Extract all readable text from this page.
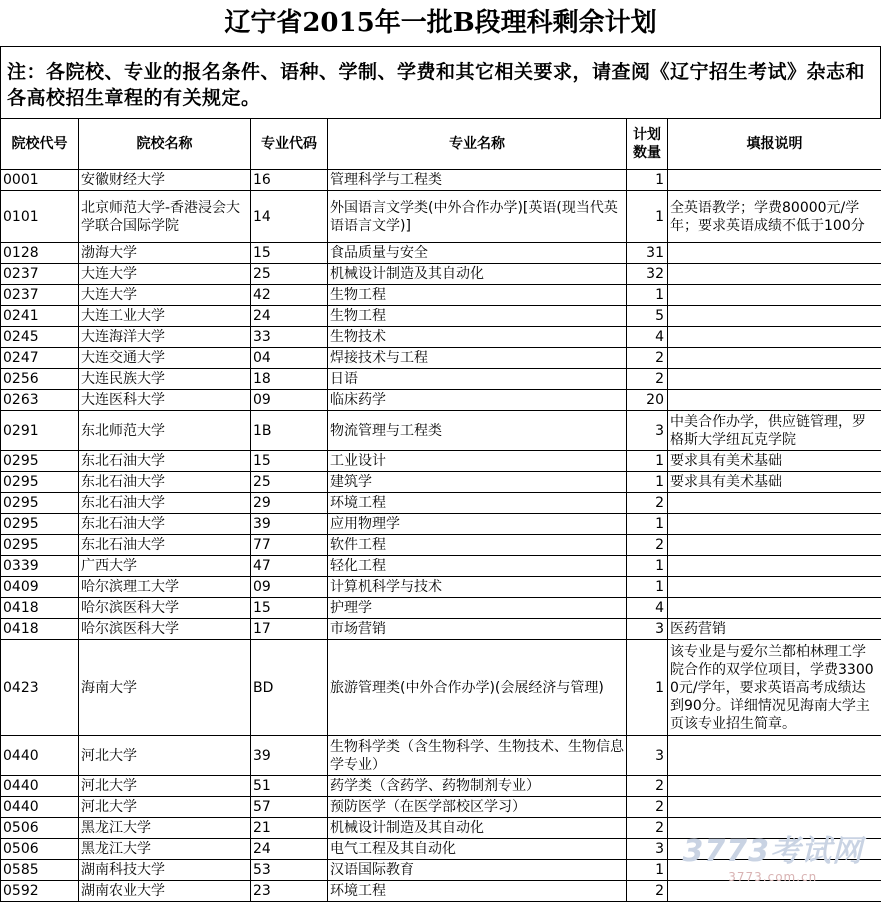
辽宁省2015年一批B段理科剩余计划
注：各院校、专业的报名条件、语种、学制、学费和其它相关要求，请查阅《辽宁招生考试》杂志和各高校招生章程的有关规定。
院校代号	院校名称	专业代码	专业名称	计划数量	填报说明
0001	安徽财经大学	16	管理科学与工程类	1	
0101	北京师范大学-香港浸会大学联合国际学院	14	外国语言文学类(中外合作办学)[英语(现当代英语语言文学)]	1	全英语教学；学费80000元/学年；要求英语成绩不低于100分
0128	渤海大学	15	食品质量与安全	31	
0237	大连大学	25	机械设计制造及其自动化	32	
0237	大连大学	42	生物工程	1	
0241	大连工业大学	24	生物工程	5	
0245	大连海洋大学	33	生物技术	4	
0247	大连交通大学	04	焊接技术与工程	2	
0256	大连民族大学	18	日语	2	
0263	大连医科大学	09	临床药学	20	
0291	东北师范大学	1B	物流管理与工程类	3	中美合作办学，供应链管理，罗格斯大学纽瓦克学院
0295	东北石油大学	15	工业设计	1	要求具有美术基础
0295	东北石油大学	25	建筑学	1	要求具有美术基础
0295	东北石油大学	29	环境工程	2	
0295	东北石油大学	39	应用物理学	1	
0295	东北石油大学	77	软件工程	2	
0339	广西大学	47	轻化工程	1	
0409	哈尔滨理工大学	09	计算机科学与技术	1	
0418	哈尔滨医科大学	15	护理学	4	
0418	哈尔滨医科大学	17	市场营销	3	医药营销
0423	海南大学	BD	旅游管理类(中外合作办学)(会展经济与管理)	1	该专业是与爱尔兰都柏林理工学院合作的双学位项目，学费33000元/学年，要求英语高考成绩达到90分。详细情况见海南大学主页该专业招生简章。
0440	河北大学	39	生物科学类（含生物科学、生物技术、生物信息学专业）	3	
0440	河北大学	51	药学类（含药学、药物制剂专业）	2	
0440	河北大学	57	预防医学（在医学部校区学习）	2	
0506	黑龙江大学	21	机械设计制造及其自动化	2	
0506	黑龙江大学	24	电气工程及其自动化	3	
0585	湖南科技大学	53	汉语国际教育	1	
0592	湖南农业大学	23	环境工程	2	
3773考试网
3773.com.cn
